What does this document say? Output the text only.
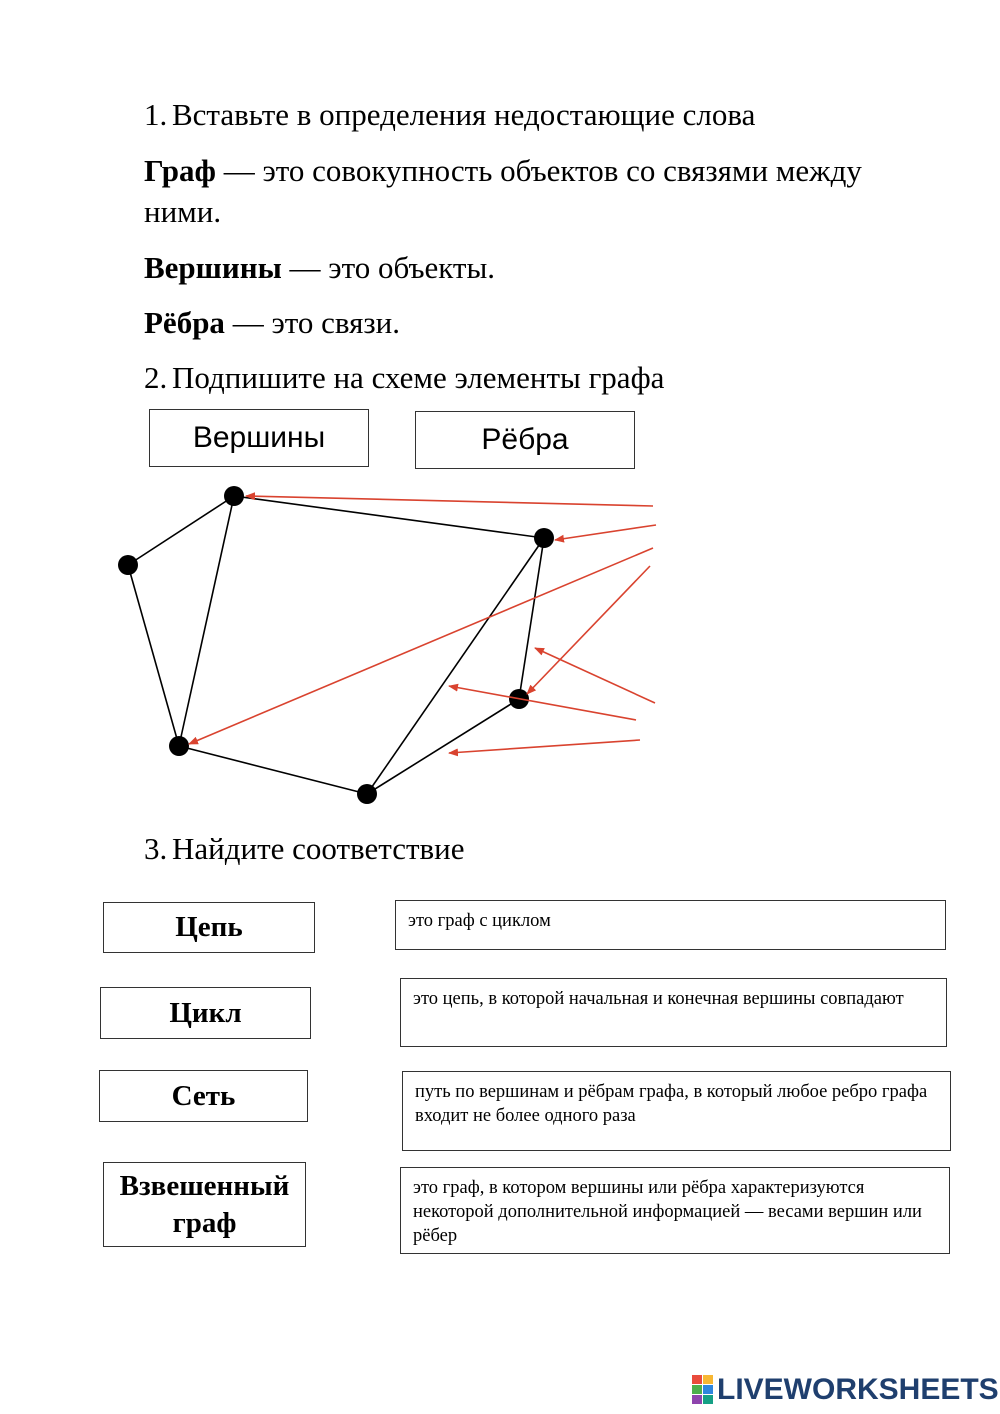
1. Вставьте в определения недостающие слова
Граф — это совокупность объектов со связями между ними.
Вершины — это объекты.
Рёбра — это связи.
2. Подпишите на схеме элементы графа
Вершины	Рёбра
3. Найдите соответствие
Цепь
Цикл
Сеть
Взвешенный граф
это граф с циклом
это цепь, в которой начальная и конечная вершины совпадают
путь по вершинам и рёбрам графа, в который любое ребро графа входит не более одного раза
это граф, в котором вершины или рёбра характеризуются некоторой дополнительной информацией — весами вершин или рёбер
LIVEWORKSHEETS
